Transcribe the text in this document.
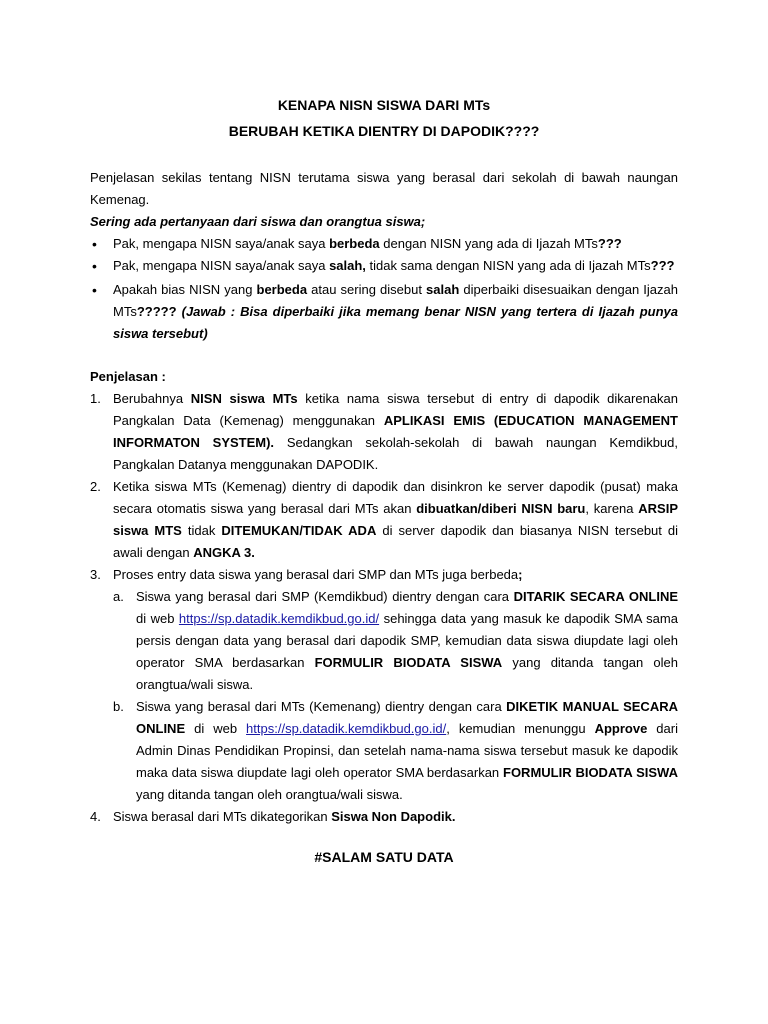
KENAPA NISN SISWA DARI MTs
BERUBAH KETIKA DIENTRY DI DAPODIK????
Penjelasan sekilas tentang NISN terutama siswa yang berasal dari sekolah di bawah naungan Kemenag.
Sering ada pertanyaan dari siswa dan orangtua siswa;
• Pak, mengapa NISN saya/anak saya berbeda dengan NISN yang ada di Ijazah MTs???
• Pak, mengapa NISN saya/anak saya salah, tidak sama dengan NISN yang ada di Ijazah MTs???
• Apakah bias NISN yang berbeda atau sering disebut salah diperbaiki disesuaikan dengan Ijazah MTs????? (Jawab : Bisa diperbaiki jika memang benar NISN yang tertera di Ijazah punya siswa tersebut)
Penjelasan :
1. Berubahnya NISN siswa MTs ketika nama siswa tersebut di entry di dapodik dikarenakan Pangkalan Data (Kemenag) menggunakan APLIKASI EMIS (EDUCATION MANAGEMENT INFORMATON SYSTEM). Sedangkan sekolah-sekolah di bawah naungan Kemdikbud, Pangkalan Datanya menggunakan DAPODIK.
2. Ketika siswa MTs (Kemenag) dientry di dapodik dan disinkron ke server dapodik (pusat) maka secara otomatis siswa yang berasal dari MTs akan dibuatkan/diberi NISN baru, karena ARSIP siswa MTS tidak DITEMUKAN/TIDAK ADA di server dapodik dan biasanya NISN tersebut di awali dengan ANGKA 3.
3. Proses entry data siswa yang berasal dari SMP dan MTs juga berbeda;
a. Siswa yang berasal dari SMP (Kemdikbud) dientry dengan cara DITARIK SECARA ONLINE di web https://sp.datadik.kemdikbud.go.id/ sehingga data yang masuk ke dapodik SMA sama persis dengan data yang berasal dari dapodik SMP, kemudian data siswa diupdate lagi oleh operator SMA berdasarkan FORMULIR BIODATA SISWA yang ditanda tangan oleh orangtua/wali siswa.
b. Siswa yang berasal dari MTs (Kemenang) dientry dengan cara DIKETIK MANUAL SECARA ONLINE di web https://sp.datadik.kemdikbud.go.id/, kemudian menunggu Approve dari Admin Dinas Pendidikan Propinsi, dan setelah nama-nama siswa tersebut masuk ke dapodik maka data siswa diupdate lagi oleh operator SMA berdasarkan FORMULIR BIODATA SISWA yang ditanda tangan oleh orangtua/wali siswa.
4. Siswa berasal dari MTs dikategorikan Siswa Non Dapodik.
#SALAM SATU DATA
